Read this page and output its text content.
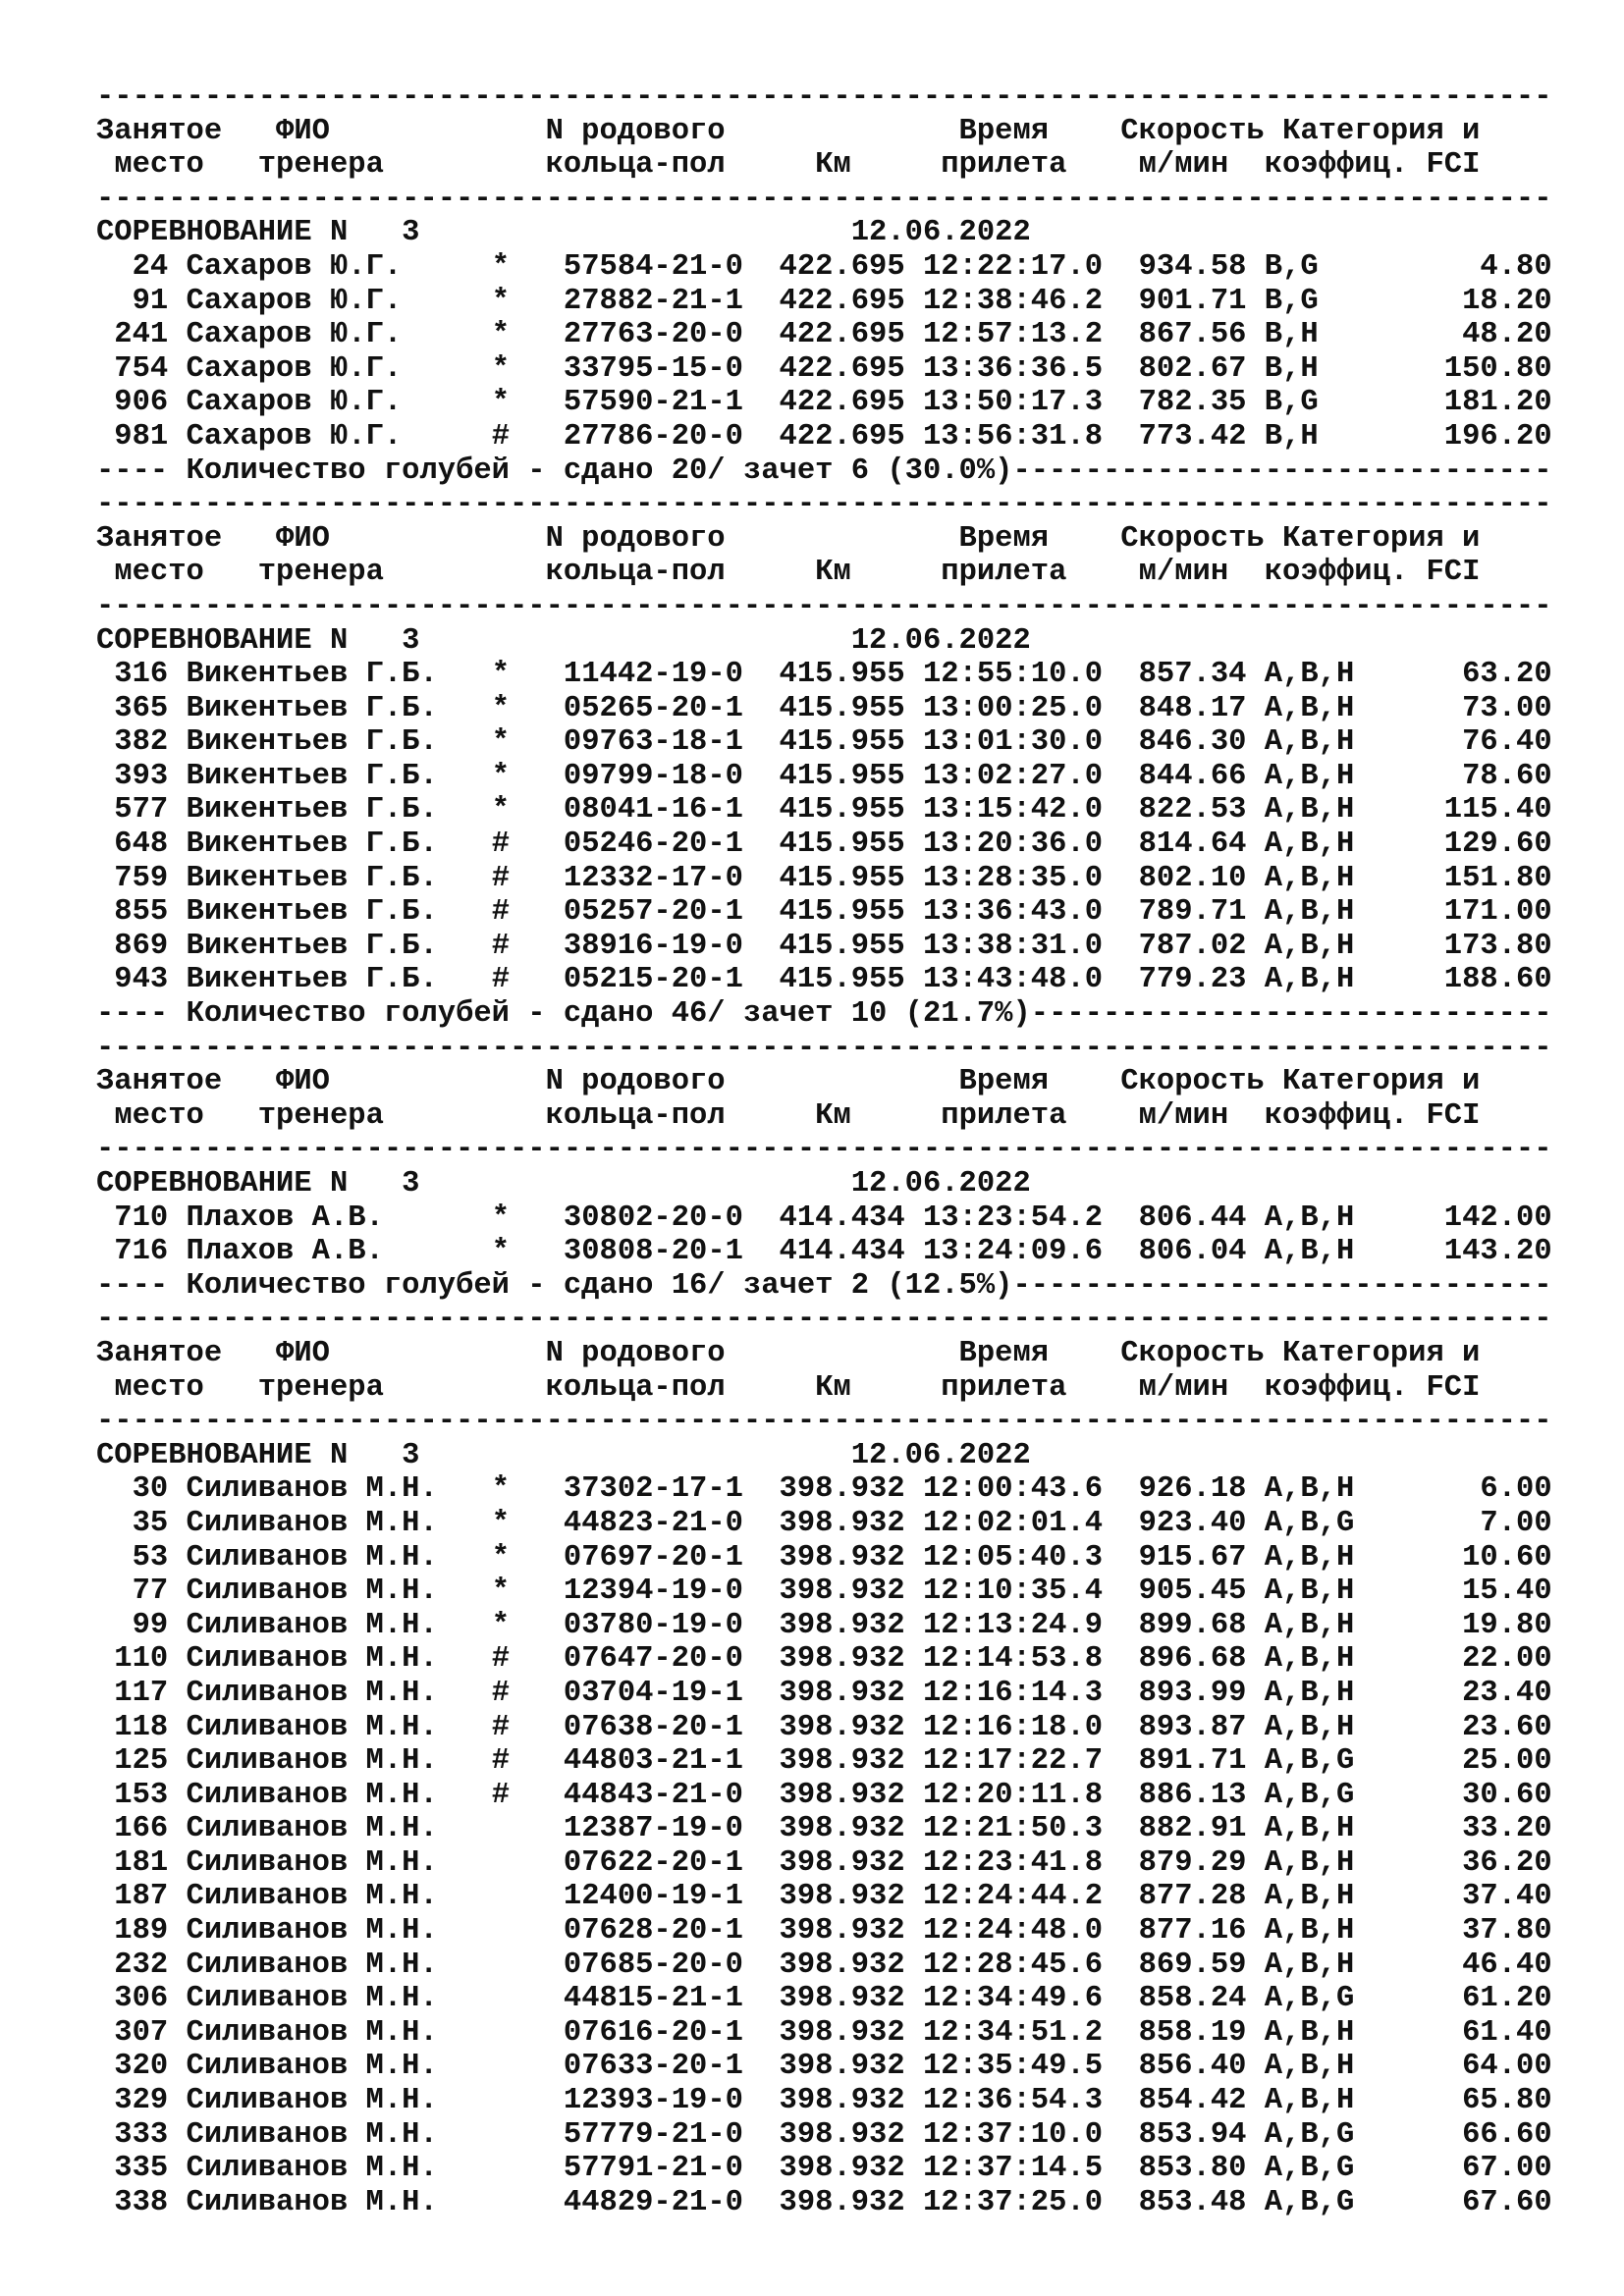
---------------------------------------------------------------------------------
Занятое   ФИО            N родового             Время    Скорость Категория и
место   тренера         кольца-пол     Км     прилета    м/мин  коэффиц. FCI
---------------------------------------------------------------------------------
СОРЕВНОВАНИЕ N   3                        12.06.2022
24 Сахаров Ю.Г.     *   57584-21-0  422.695 12:22:17.0 934.58 B,G         4.80
91 Сахаров Ю.Г.     *   27882-21-1  422.695 12:38:46.2 901.71 B,G        18.20
241 Сахаров Ю.Г.     *   27763-20-0  422.695 12:57:13.2 867.56 B,H        48.20
754 Сахаров Ю.Г.     *   33795-15-0  422.695 13:36:36.5 802.67 B,H       150.80
906 Сахаров Ю.Г.     *   57590-21-1  422.695 13:50:17.3 782.35 B,G       181.20
981 Сахаров Ю.Г.     #   27786-20-0  422.695 13:56:31.8 773.42 B,H       196.20
---- Количество голубей - сдано 20/ зачет 6 (30.0%)------------------------------
---------------------------------------------------------------------------------
Занятое   ФИО            N родового             Время    Скорость Категория и
место   тренера         кольца-пол     Км     прилета    м/мин  коэффиц. FCI
---------------------------------------------------------------------------------
СОРЕВНОВАНИЕ N   3                        12.06.2022
316 Викентьев Г.Б.   *   11442-19-0  415.955 12:55:10.0 857.34 A,B,H      63.20
365 Викентьев Г.Б.   *   05265-20-1  415.955 13:00:25.0 848.17 A,B,H      73.00
382 Викентьев Г.Б.   *   09763-18-1  415.955 13:01:30.0 846.30 A,B,H      76.40
393 Викентьев Г.Б.   *   09799-18-0  415.955 13:02:27.0 844.66 A,B,H      78.60
577 Викентьев Г.Б.   *   08041-16-1  415.955 13:15:42.0 822.53 A,B,H     115.40
648 Викентьев Г.Б.   #   05246-20-1  415.955 13:20:36.0 814.64 A,B,H     129.60
759 Викентьев Г.Б.   #   12332-17-0  415.955 13:28:35.0 802.10 A,B,H     151.80
855 Викентьев Г.Б.   #   05257-20-1  415.955 13:36:43.0 789.71 A,B,H     171.00
869 Викентьев Г.Б.   #   38916-19-0  415.955 13:38:31.0 787.02 A,B,H     173.80
943 Викентьев Г.Б.   #   05215-20-1  415.955 13:43:48.0 779.23 A,B,H     188.60
---- Количество голубей - сдано 46/ зачет 10 (21.7%)-----------------------------
---------------------------------------------------------------------------------
Занятое   ФИО            N родового             Время    Скорость Категория и
место   тренера         кольца-пол     Км     прилета    м/мин  коэффиц. FCI
---------------------------------------------------------------------------------
СОРЕВНОВАНИЕ N   3                        12.06.2022
710 Плахов А.В.      *   30802-20-0  414.434 13:23:54.2 806.44 A,B,H     142.00
716 Плахов А.В.      *   30808-20-1  414.434 13:24:09.6 806.04 A,B,H     143.20
---- Количество голубей - сдано 16/ зачет 2 (12.5%)------------------------------
---------------------------------------------------------------------------------
Занятое   ФИО            N родового             Время    Скорость Категория и
место   тренера         кольца-пол     Км     прилета    м/мин  коэффиц. FCI
---------------------------------------------------------------------------------
СОРЕВНОВАНИЕ N   3                        12.06.2022
30 Силиванов М.Н.   *   37302-17-1  398.932 12:00:43.6 926.18 A,B,H       6.00
35 Силиванов М.Н.   *   44823-21-0  398.932 12:02:01.4 923.40 A,B,G       7.00
53 Силиванов М.Н.   *   07697-20-1  398.932 12:05:40.3 915.67 A,B,H      10.60
77 Силиванов М.Н.   *   12394-19-0  398.932 12:10:35.4 905.45 A,B,H      15.40
99 Силиванов М.Н.   *   03780-19-0  398.932 12:13:24.9 899.68 A,B,H      19.80
110 Силиванов М.Н.   #   07647-20-0  398.932 12:14:53.8 896.68 A,B,H      22.00
117 Силиванов М.Н.   #   03704-19-1  398.932 12:16:14.3 893.99 A,B,H      23.40
118 Силиванов М.Н.   #   07638-20-1  398.932 12:16:18.0 893.87 A,B,H      23.60
125 Силиванов М.Н.   #   44803-21-1  398.932 12:17:22.7 891.71 A,B,G      25.00
153 Силиванов М.Н.   #   44843-21-0  398.932 12:20:11.8 886.13 A,B,G      30.60
166 Силиванов М.Н.       12387-19-0  398.932 12:21:50.3 882.91 A,B,H      33.20
181 Силиванов М.Н.       07622-20-1  398.932 12:23:41.8 879.29 A,B,H      36.20
187 Силиванов М.Н.       12400-19-1  398.932 12:24:44.2 877.28 A,B,H      37.40
189 Силиванов М.Н.       07628-20-1  398.932 12:24:48.0 877.16 A,B,H      37.80
232 Силиванов М.Н.       07685-20-0  398.932 12:28:45.6 869.59 A,B,H      46.40
306 Силиванов М.Н.       44815-21-1  398.932 12:34:49.6 858.24 A,B,G      61.20
307 Силиванов М.Н.       07616-20-1  398.932 12:34:51.2 858.19 A,B,H      61.40
320 Силиванов М.Н.       07633-20-1  398.932 12:35:49.5 856.40 A,B,H      64.00
329 Силиванов М.Н.       12393-19-0  398.932 12:36:54.3 854.42 A,B,H      65.80
333 Силиванов М.Н.       57779-21-0  398.932 12:37:10.0 853.94 A,B,G      66.60
335 Силиванов М.Н.       57791-21-0  398.932 12:37:14.5 853.80 A,B,G      67.00
338 Силиванов М.Н.       44829-21-0  398.932 12:37:25.0 853.48 A,B,G      67.60
